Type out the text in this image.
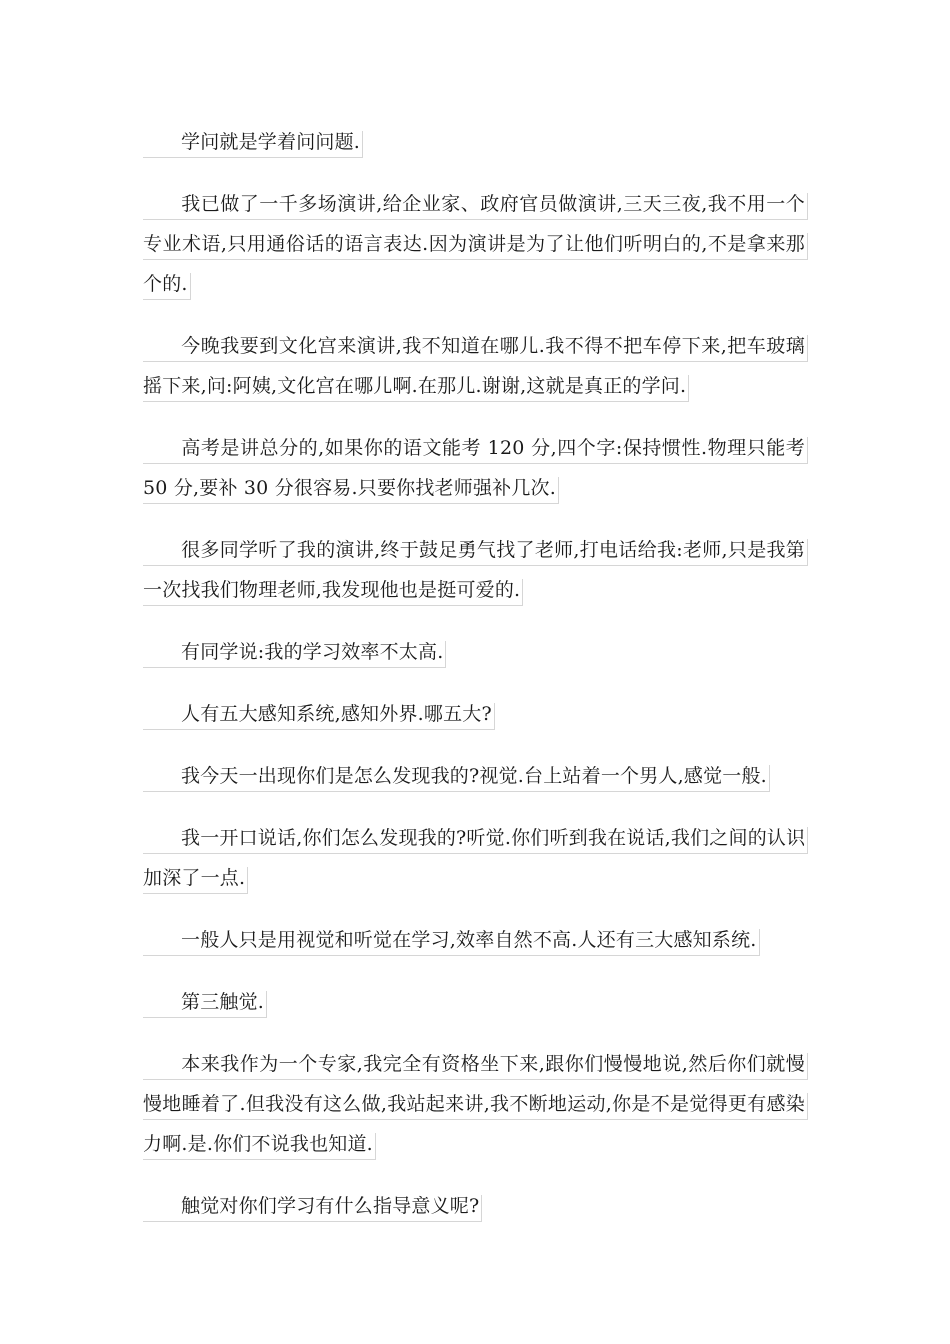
学问就是学着问问题.

我已做了一千多场演讲,给企业家、政府官员做演讲,三天三夜,我不用一个专业术语,只用通俗话的语言表达.因为演讲是为了让他们听明白的,不是拿来那个的.

今晚我要到文化宫来演讲,我不知道在哪儿.我不得不把车停下来,把车玻璃摇下来,问:阿姨,文化宫在哪儿啊.在那儿.谢谢,这就是真正的学问.

高考是讲总分的,如果你的语文能考 120 分,四个字:保持惯性.物理只能考 50 分,要补 30 分很容易.只要你找老师强补几次.

很多同学听了我的演讲,终于鼓足勇气找了老师,打电话给我:老师,只是我第一次找我们物理老师,我发现他也是挺可爱的.

有同学说:我的学习效率不太高.

人有五大感知系统,感知外界.哪五大?

我今天一出现你们是怎么发现我的?视觉.台上站着一个男人,感觉一般.

我一开口说话,你们怎么发现我的?听觉.你们听到我在说话,我们之间的认识加深了一点.

一般人只是用视觉和听觉在学习,效率自然不高.人还有三大感知系统.

第三触觉.

本来我作为一个专家,我完全有资格坐下来,跟你们慢慢地说,然后你们就慢慢地睡着了.但我没有这么做,我站起来讲,我不断地运动,你是不是觉得更有感染力啊.是.你们不说我也知道.

触觉对你们学习有什么指导意义呢?
